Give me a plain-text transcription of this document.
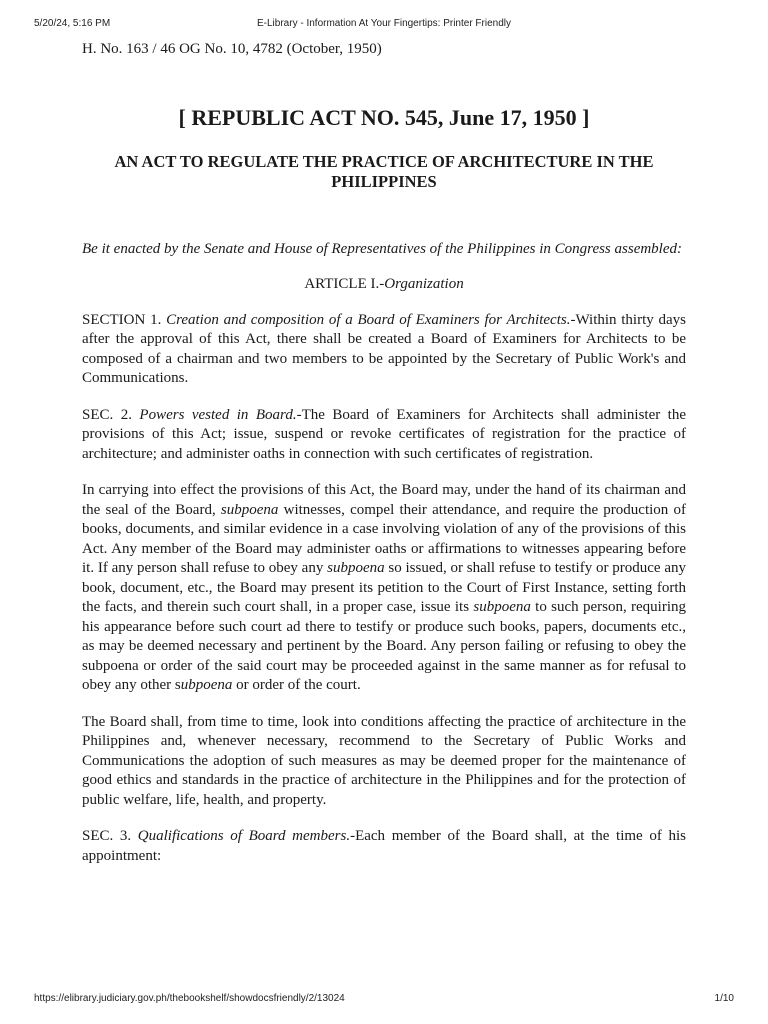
5/20/24, 5:16 PM	E-Library - Information At Your Fingertips: Printer Friendly

H. No. 163 / 46 OG No. 10, 4782 (October, 1950)

[ REPUBLIC ACT NO. 545, June 17, 1950 ]
AN ACT TO REGULATE THE PRACTICE OF ARCHITECTURE IN THE PHILIPPINES

Be it enacted by the Senate and House of Representatives of the Philippines in Congress assembled:

ARTICLE I.-Organization

SECTION 1. Creation and composition of a Board of Examiners for Architects.-Within thirty days after the approval of this Act, there shall be created a Board of Examiners for Architects to be composed of a chairman and two members to be appointed by the Secretary of Public Work's and Communications.

SEC. 2. Powers vested in Board.-The Board of Examiners for Architects shall administer the provisions of this Act; issue, suspend or revoke certificates of registration for the practice of architecture; and administer oaths in connection with such certificates of registration.

In carrying into effect the provisions of this Act, the Board may, under the hand of its chairman and the seal of the Board, subpoena witnesses, compel their attendance, and require the production of books, documents, and similar evidence in a case involving violation of any of the provisions of this Act. Any member of the Board may administer oaths or affirmations to witnesses appearing before it. If any person shall refuse to obey any subpoena so issued, or shall refuse to testify or produce any book, document, etc., the Board may present its petition to the Court of First Instance, setting forth the facts, and therein such court shall, in a proper case, issue its subpoena to such person, requiring his appearance before such court ad there to testify or produce such books, papers, documents etc., as may be deemed necessary and pertinent by the Board. Any person failing or refusing to obey the subpoena or order of the said court may be proceeded against in the same manner as for refusal to obey any other subpoena or order of the court.

The Board shall, from time to time, look into conditions affecting the practice of architecture in the Philippines and, whenever necessary, recommend to the Secretary of Public Works and Communications the adoption of such measures as may be deemed proper for the maintenance of good ethics and standards in the practice of architecture in the Philippines and for the protection of public welfare, life, health, and property.

SEC. 3. Qualifications of Board members.-Each member of the Board shall, at the time of his appointment:

https://elibrary.judiciary.gov.ph/thebookshelf/showdocsfriendly/2/13024	1/10
